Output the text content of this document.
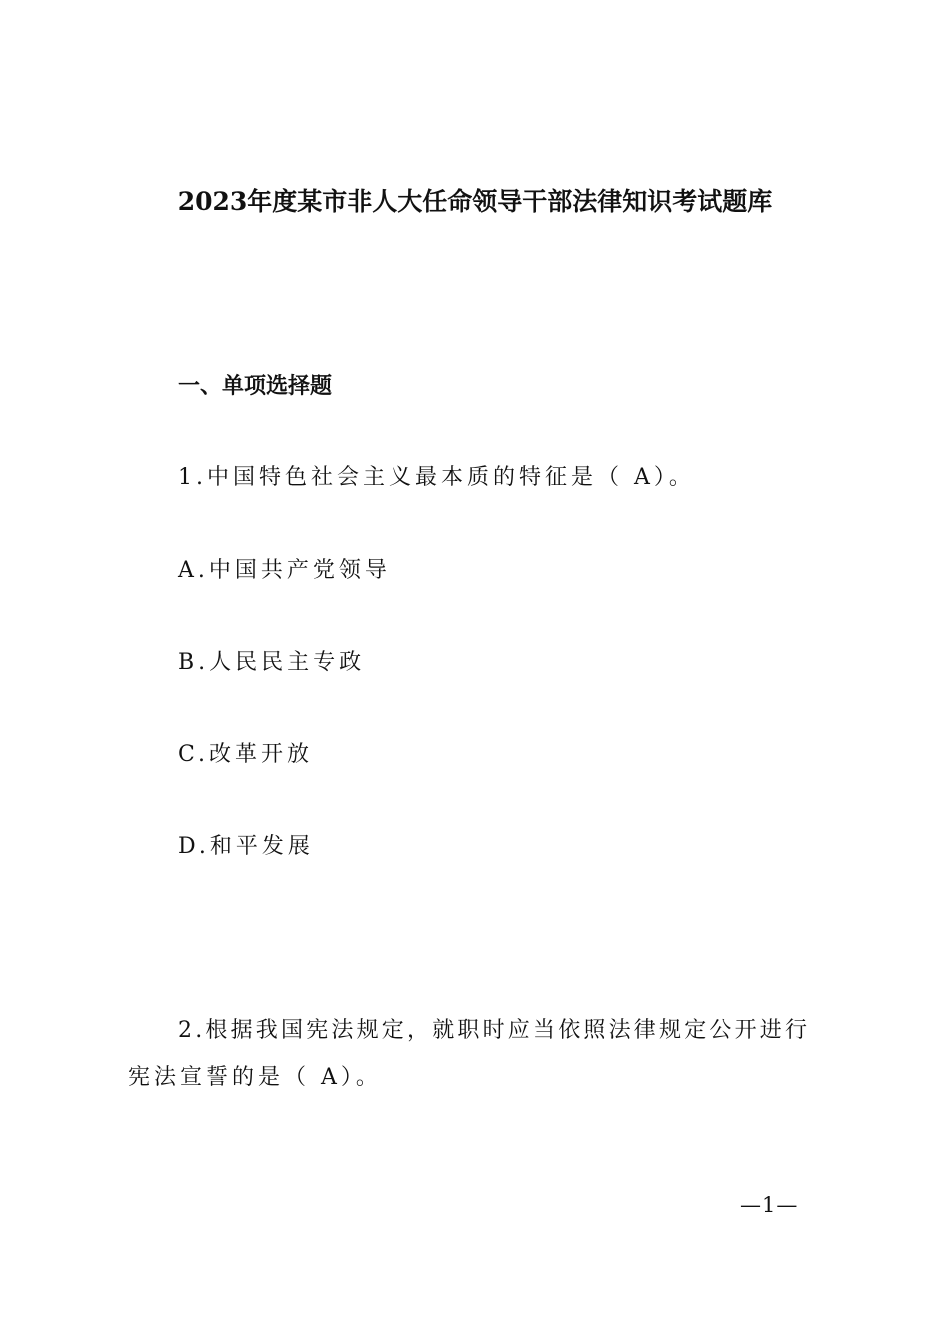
2023年度某市非人大任命领导干部法律知识考试题库
一、单项选择题
1.中国特色社会主义最本质的特征是（ A）。
A.中国共产党领导
B.人民民主专政
C.改革开放
D.和平发展
2.根据我国宪法规定，就职时应当依照法律规定公开进行
宪法宣誓的是（ A）。
—1—
